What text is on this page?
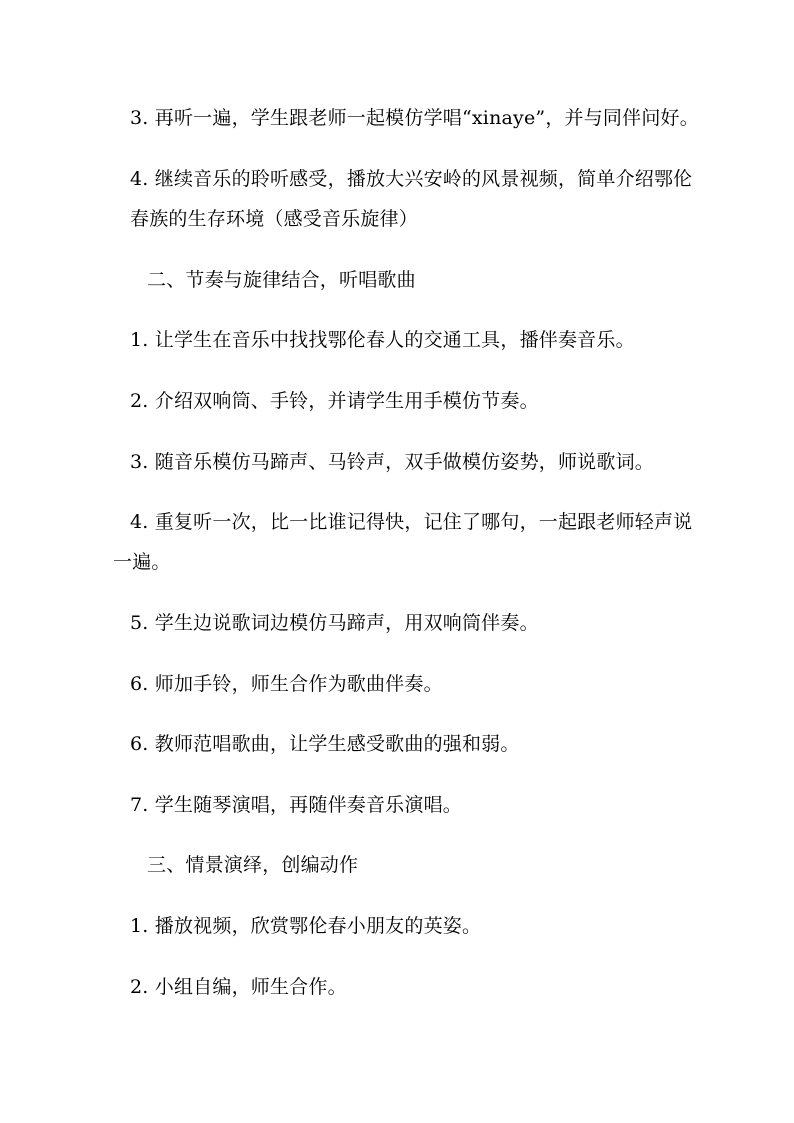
3. 再听一遍，学生跟老师一起模仿学唱“xinaye”，并与同伴问好。
4. 继续音乐的聆听感受，播放大兴安岭的风景视频，简单介绍鄂伦
春族的生存环境（感受音乐旋律）
二、节奏与旋律结合，听唱歌曲
1. 让学生在音乐中找找鄂伦春人的交通工具，播伴奏音乐。
2. 介绍双响筒、手铃，并请学生用手模仿节奏。
3. 随音乐模仿马蹄声、马铃声，双手做模仿姿势，师说歌词。
4. 重复听一次，比一比谁记得快，记住了哪句，一起跟老师轻声说
一遍。
5. 学生边说歌词边模仿马蹄声，用双响筒伴奏。
6. 师加手铃，师生合作为歌曲伴奏。
6. 教师范唱歌曲，让学生感受歌曲的强和弱。
7. 学生随琴演唱，再随伴奏音乐演唱。
三、情景演绎，创编动作
1. 播放视频，欣赏鄂伦春小朋友的英姿。
2. 小组自编，师生合作。
